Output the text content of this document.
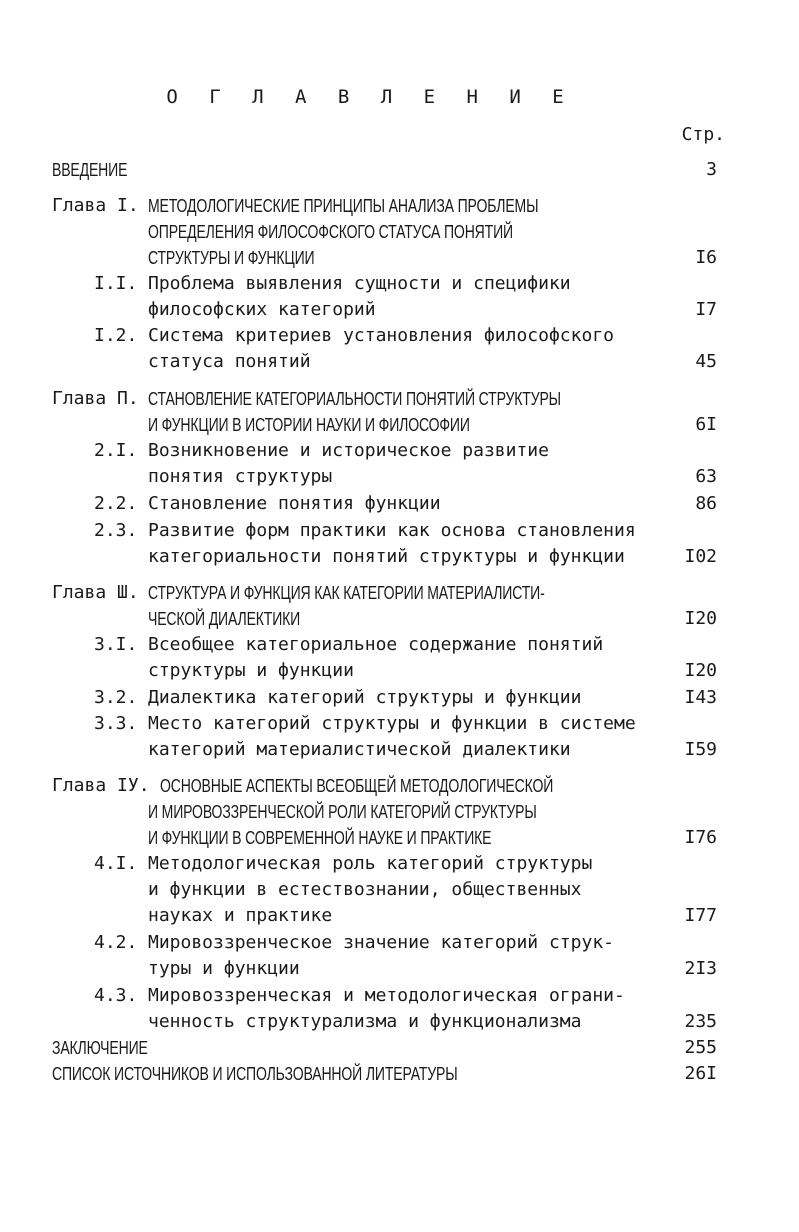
О Г Л А В Л Е Н И Е
Стр.
ВВЕДЕНИЕ	3
Глава I. МЕТОДОЛОГИЧЕСКИЕ ПРИНЦИПЫ АНАЛИЗА ПРОБЛЕМЫ
ОПРЕДЕЛЕНИЯ ФИЛОСОФСКОГО СТАТУСА ПОНЯТИЙ
СТРУКТУРЫ И ФУНКЦИИ	I6
I.I. Проблема выявления сущности и специфики
философских категорий	I7
I.2. Система критериев установления философского
статуса понятий	45
Глава П. СТАНОВЛЕНИЕ КАТЕГОРИАЛЬНОСТИ ПОНЯТИЙ СТРУКТУРЫ
И ФУНКЦИИ В ИСТОРИИ НАУКИ И ФИЛОСОФИИ	6I
2.I. Возникновение и историческое развитие
понятия структуры	63
2.2. Становление понятия функции	86
2.3. Развитие форм практики как основа становления
категориальности понятий структуры и функции	I02
Глава Ш. СТРУКТУРА И ФУНКЦИЯ КАК КАТЕГОРИИ МАТЕРИАЛИСТИ-
ЧЕСКОЙ ДИАЛЕКТИКИ	I20
3.I. Всеобщее категориальное содержание понятий
структуры и функции	I20
3.2. Диалектика категорий структуры и функции	I43
3.3. Место категорий структуры и функции в системе
категорий материалистической диалектики	I59
Глава IУ. ОСНОВНЫЕ АСПЕКТЫ ВСЕОБЩЕЙ МЕТОДОЛОГИЧЕСКОЙ
И МИРОВОЗЗРЕНЧЕСКОЙ РОЛИ КАТЕГОРИЙ СТРУКТУРЫ
И ФУНКЦИИ В СОВРЕМЕННОЙ НАУКЕ И ПРАКТИКЕ	I76
4.I. Методологическая роль категорий структуры
и функции в естествознании, общественных
науках и практике	I77
4.2. Мировоззренческое значение категорий струк-
туры и функции	2I3
4.3. Мировоззренческая и методологическая ограни-
ченность структурализма и функционализма	235
ЗАКЛЮЧЕНИЕ	255
СПИСОК ИСТОЧНИКОВ И ИСПОЛЬЗОВАННОЙ ЛИТЕРАТУРЫ	26I
